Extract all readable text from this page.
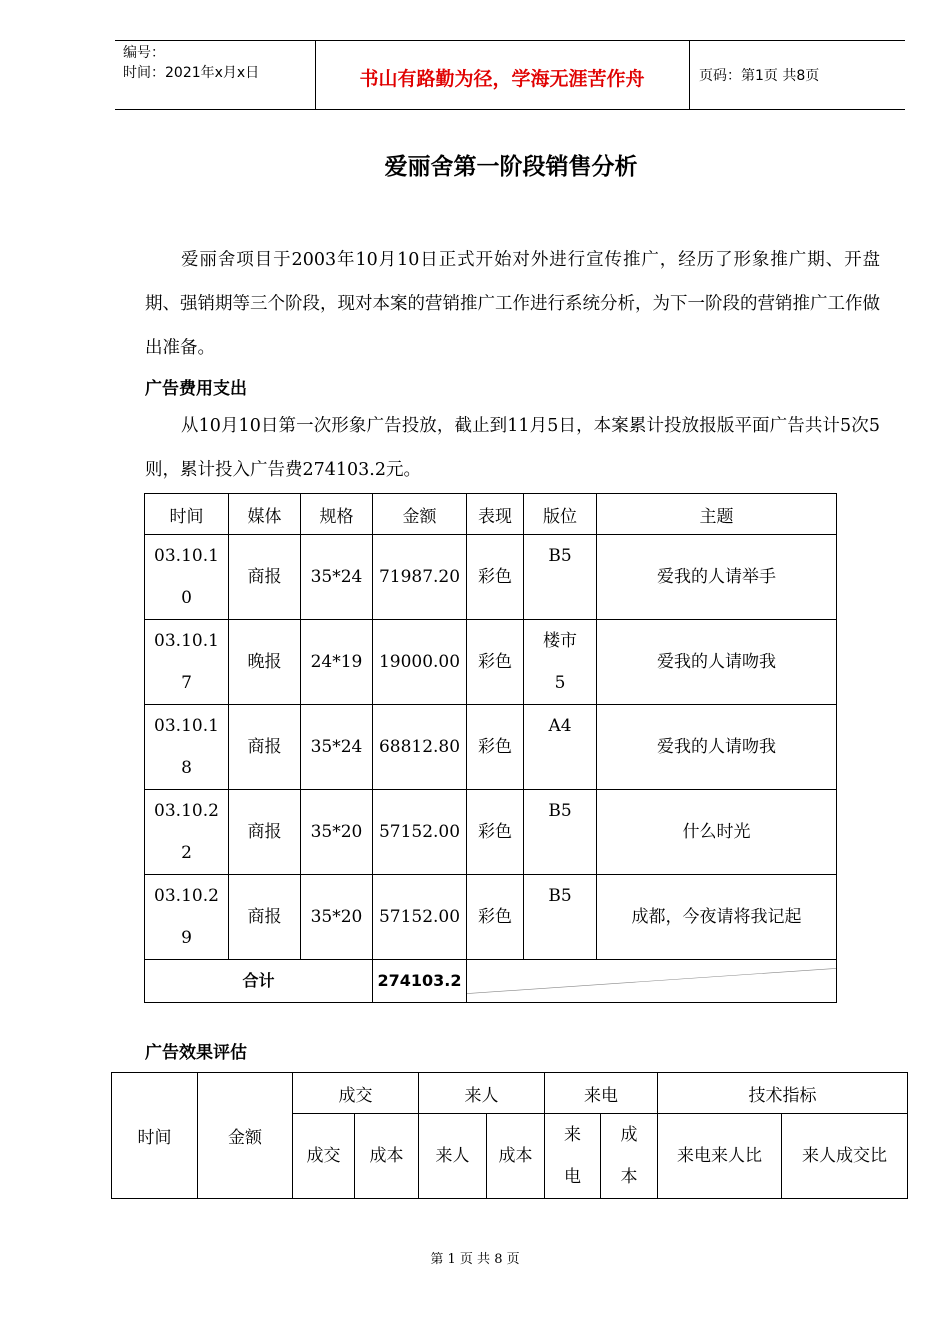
编号：
时间：2021年x月x日	书山有路勤为径，学海无涯苦作舟	页码：第1页 共8页
爱丽舍第一阶段销售分析
爱丽舍项目于2003年10月10日正式开始对外进行宣传推广，经历了形象推广期、开盘期、强销期等三个阶段，现对本案的营销推广工作进行系统分析，为下一阶段的营销推广工作做出准备。
广告费用支出
从10月10日第一次形象广告投放，截止到11月5日，本案累计投放报版平面广告共计5次5则，累计投入广告费274103.2元。
时间	媒体	规格	金额	表现	版位	主题
03.10.10	商报	35*24	71987.20	彩色	B5	爱我的人请举手
03.10.17	晚报	24*19	19000.00	彩色	楼市5	爱我的人请吻我
03.10.18	商报	35*24	68812.80	彩色	A4	爱我的人请吻我
03.10.22	商报	35*20	57152.00	彩色	B5	什么时光
03.10.29	商报	35*20	57152.00	彩色	B5	成都，今夜请将我记起
合计			274103.2	
广告效果评估
时间	金额	成交		来人		来电		技术指标	
		成交	成本	来人	成本	来电	成本	来电来人比	来人成交比
第 1 页 共 8 页
